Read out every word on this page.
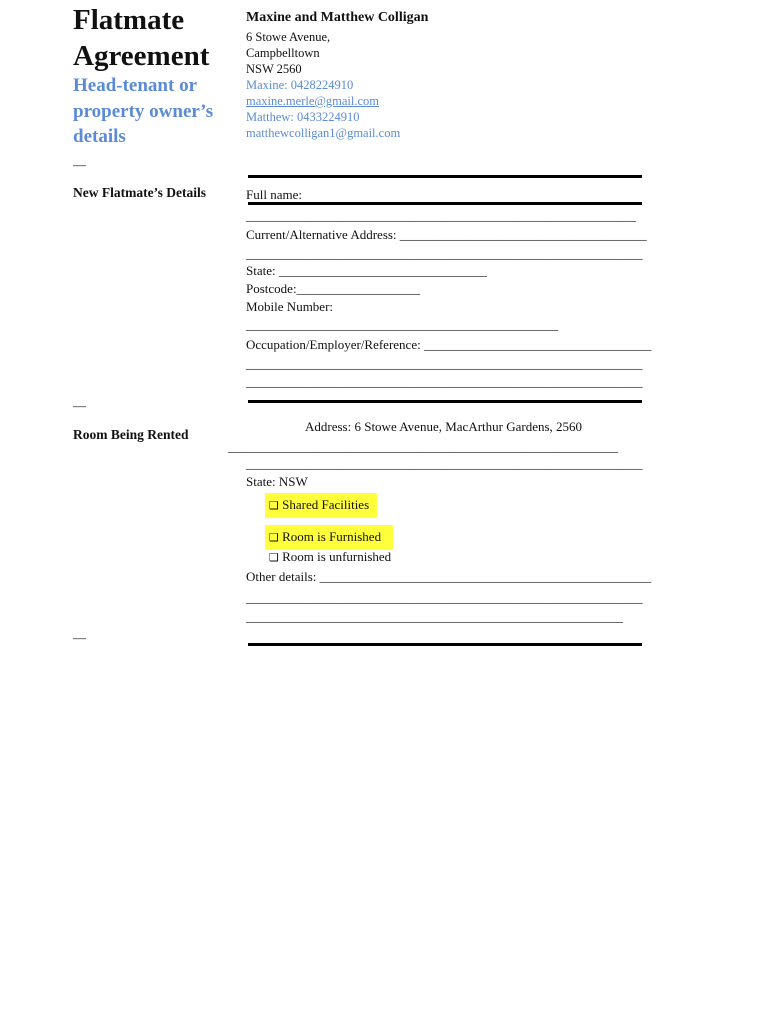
Flatmate
Agreement
Head-tenant or
property owner’s
details
Maxine and Matthew Colligan
6 Stowe Avenue,
Campbelltown
NSW 2560
Maxine: 0428224910
maxine.merle@gmail.com
Matthew: 0433224910
matthewcolligan1@gmail.com
—
New Flatmate’s Details	Full name:
____________________________________________________________
Current/Alternative Address: ______________________________________
_____________________________________________________________
State: ________________________________
Postcode:___________________
Mobile Number:
________________________________________________
Occupation/Employer/Reference: ___________________________________
_____________________________________________________________
_____________________________________________________________
—
Room Being Rented
Address: 6 Stowe Avenue, MacArthur Gardens, 2560
____________________________________________________________
_____________________________________________________________
State: NSW
❑ Shared Facilities
❑ Room is Furnished
❑ Room is unfurnished
Other details: ___________________________________________________
_____________________________________________________________
__________________________________________________________
—
